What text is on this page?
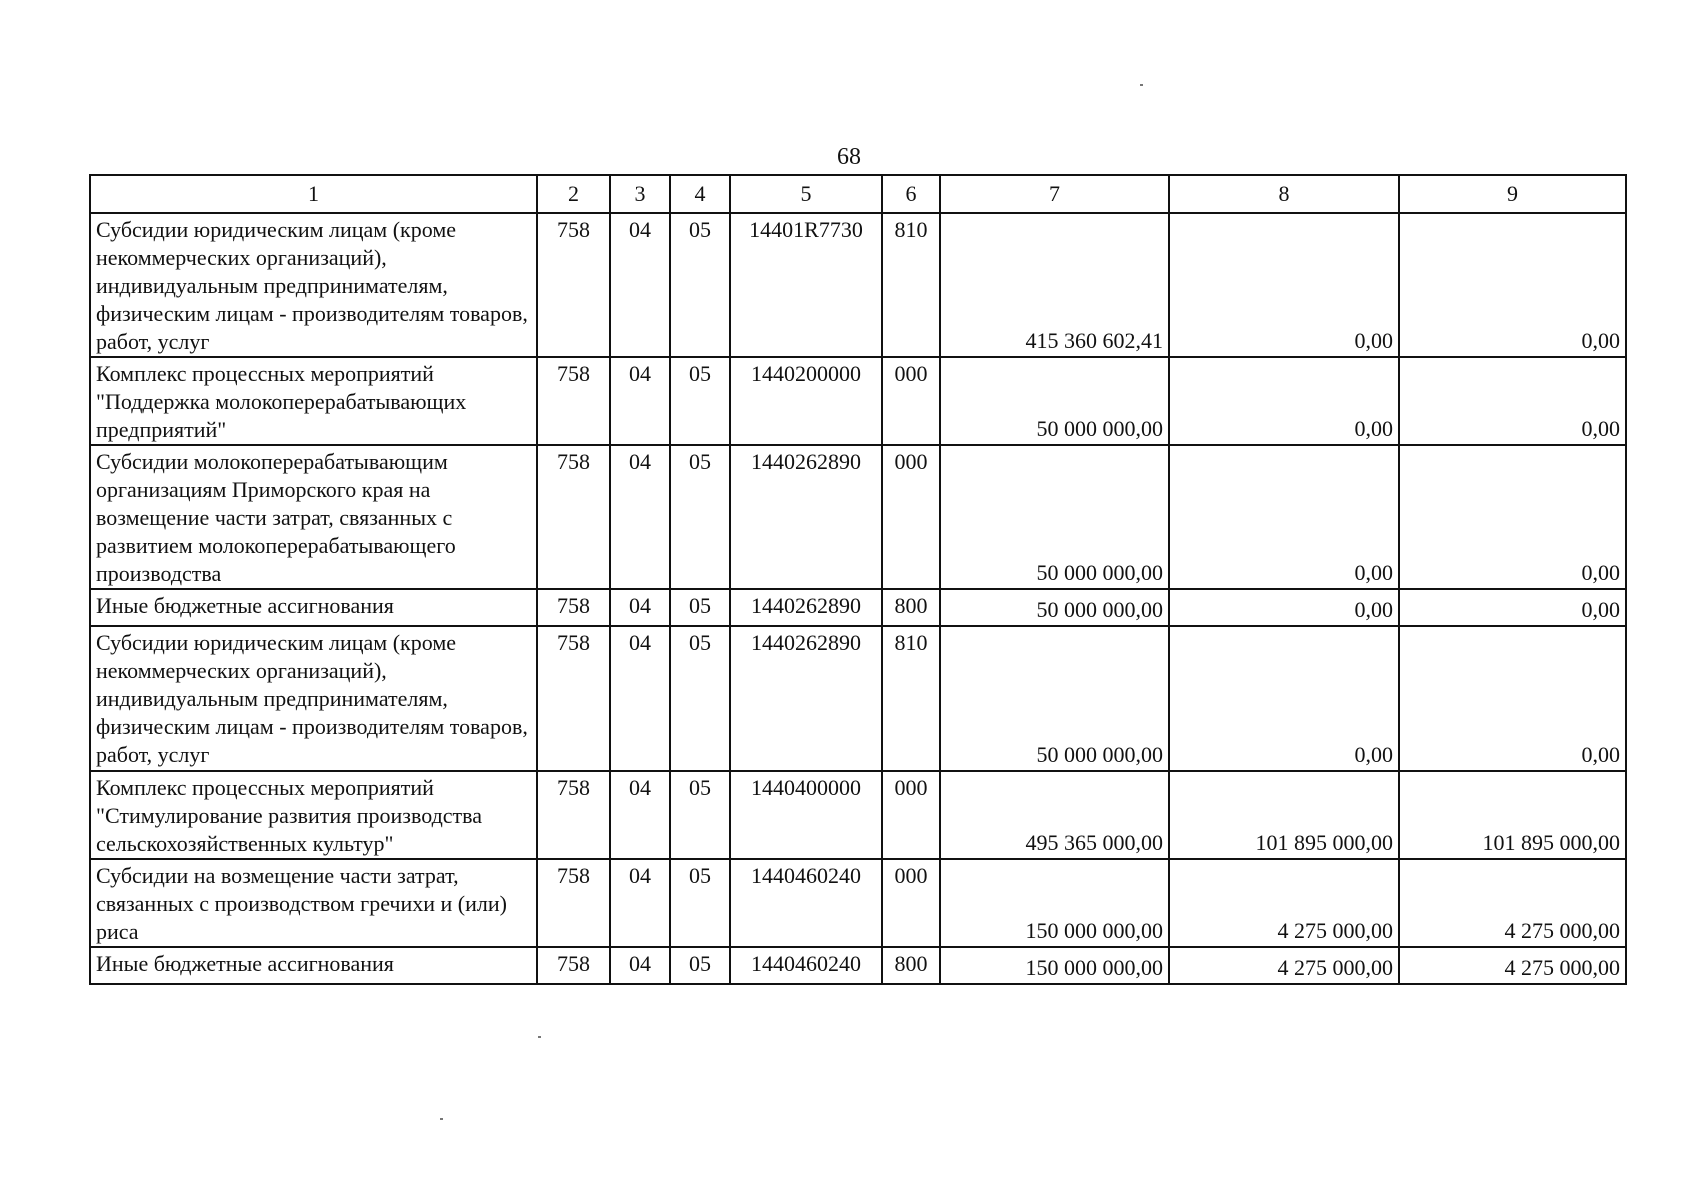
68
1	2	3	4	5	6	7	8	9
Субсидии юридическим лицам (кроме некоммерческих организаций), индивидуальным предпринимателям, физическим лицам - производителям товаров, работ, услуг	758	04	05	14401R7730	810	415 360 602,41	0,00	0,00
Комплекс процессных мероприятий "Поддержка молокоперерабатывающих предприятий"	758	04	05	1440200000	000	50 000 000,00	0,00	0,00
Субсидии молокоперерабатывающим организациям Приморского края на возмещение части затрат, связанных с развитием молокоперерабатывающего производства	758	04	05	1440262890	000	50 000 000,00	0,00	0,00
Иные бюджетные ассигнования	758	04	05	1440262890	800	50 000 000,00	0,00	0,00
Субсидии юридическим лицам (кроме некоммерческих организаций), индивидуальным предпринимателям, физическим лицам - производителям товаров, работ, услуг	758	04	05	1440262890	810	50 000 000,00	0,00	0,00
Комплекс процессных мероприятий "Стимулирование развития производства сельскохозяйственных культур"	758	04	05	1440400000	000	495 365 000,00	101 895 000,00	101 895 000,00
Субсидии на возмещение части затрат, связанных с производством гречихи и (или) риса	758	04	05	1440460240	000	150 000 000,00	4 275 000,00	4 275 000,00
Иные бюджетные ассигнования	758	04	05	1440460240	800	150 000 000,00	4 275 000,00	4 275 000,00
